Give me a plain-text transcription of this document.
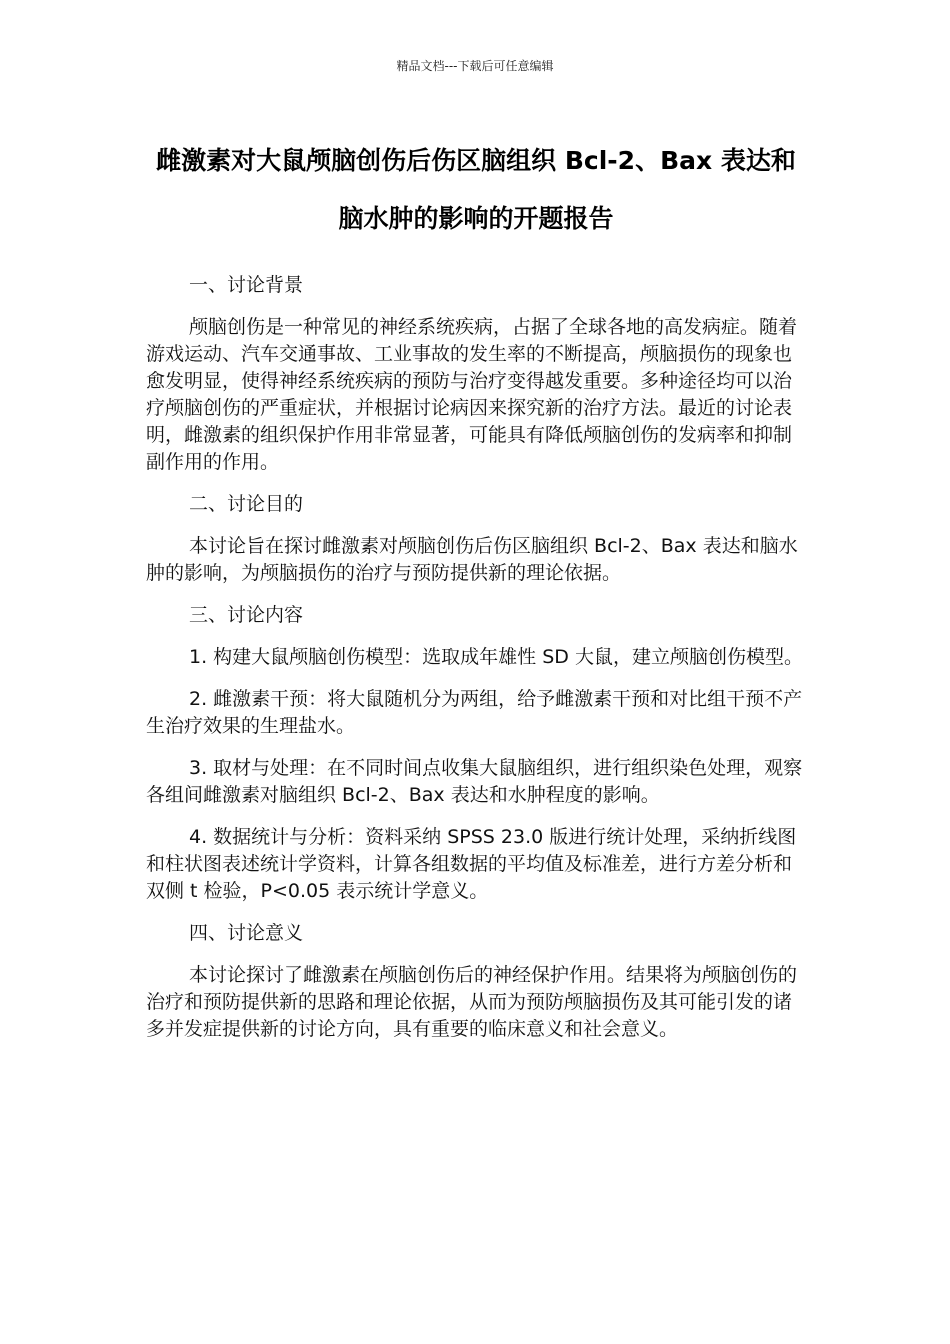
精品文档---下载后可任意编辑
雌激素对大鼠颅脑创伤后伤区脑组织 Bcl-2、Bax 表达和脑水肿的影响的开题报告

一、讨论背景

颅脑创伤是一种常见的神经系统疾病，占据了全球各地的高发病症。随着游戏运动、汽车交通事故、工业事故的发生率的不断提高，颅脑损伤的现象也愈发明显，使得神经系统疾病的预防与治疗变得越发重要。多种途径均可以治疗颅脑创伤的严重症状，并根据讨论病因来探究新的治疗方法。最近的讨论表明，雌激素的组织保护作用非常显著，可能具有降低颅脑创伤的发病率和抑制副作用的作用。

二、讨论目的

本讨论旨在探讨雌激素对颅脑创伤后伤区脑组织 Bcl-2、Bax 表达和脑水肿的影响，为颅脑损伤的治疗与预防提供新的理论依据。

三、讨论内容

1. 构建大鼠颅脑创伤模型：选取成年雄性 SD 大鼠，建立颅脑创伤模型。

2. 雌激素干预：将大鼠随机分为两组，给予雌激素干预和对比组干预不产生治疗效果的生理盐水。

3. 取材与处理：在不同时间点收集大鼠脑组织，进行组织染色处理，观察各组间雌激素对脑组织 Bcl-2、Bax 表达和水肿程度的影响。

4. 数据统计与分析：资料采纳 SPSS 23.0 版进行统计处理，采纳折线图和柱状图表述统计学资料，计算各组数据的平均值及标准差，进行方差分析和双侧 t 检验，P<0.05 表示统计学意义。

四、讨论意义

本讨论探讨了雌激素在颅脑创伤后的神经保护作用。结果将为颅脑创伤的治疗和预防提供新的思路和理论依据，从而为预防颅脑损伤及其可能引发的诸多并发症提供新的讨论方向，具有重要的临床意义和社会意义。
